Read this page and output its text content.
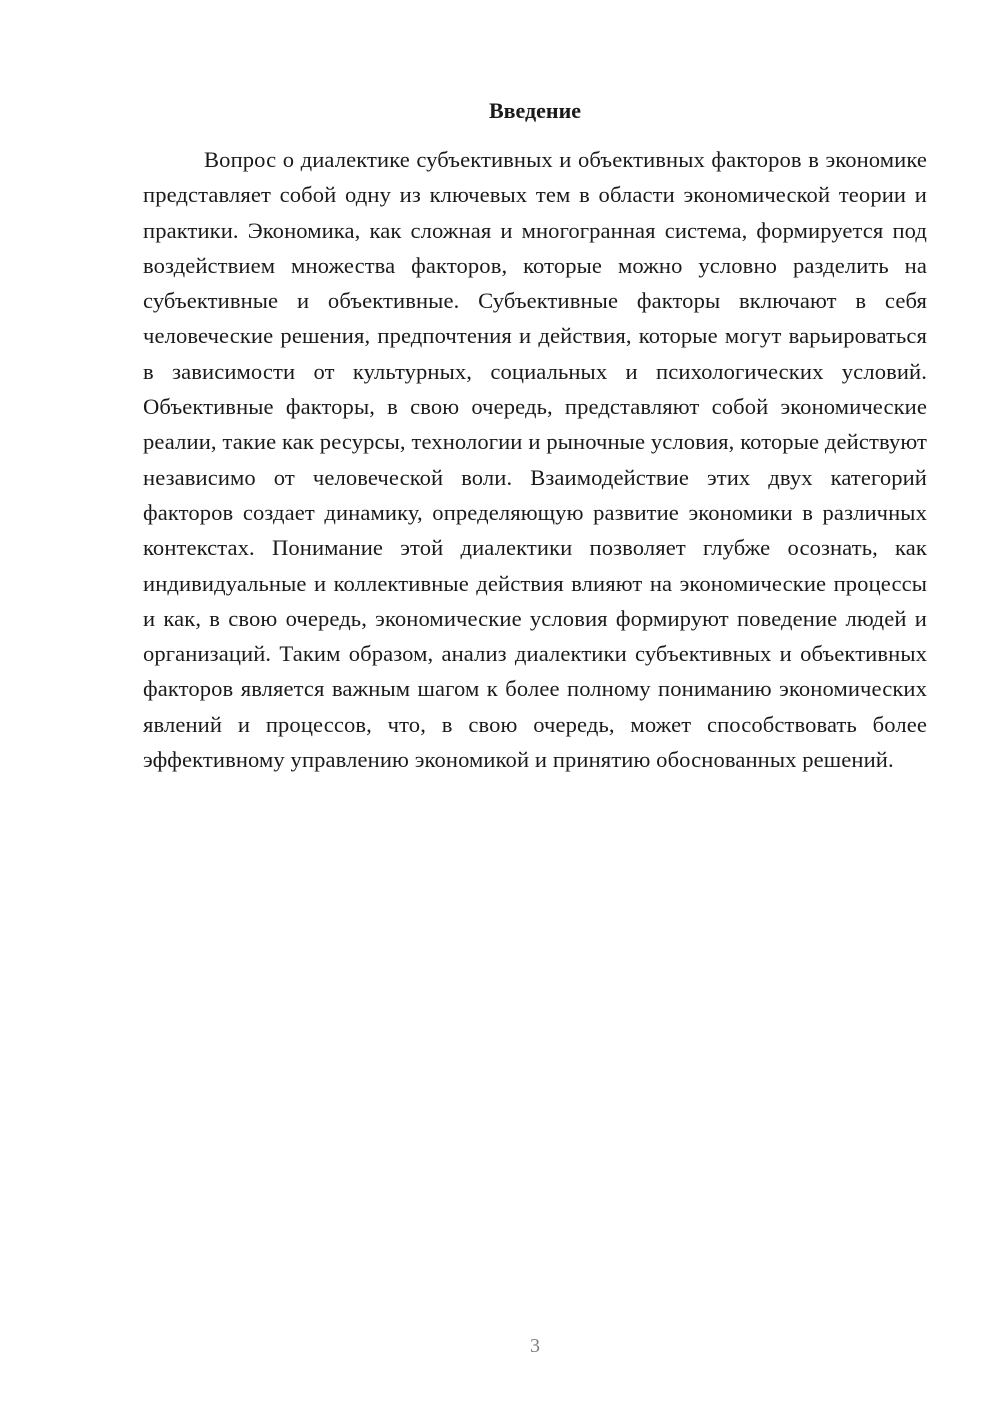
Введение

Вопрос о диалектике субъективных и объективных факторов в экономике представляет собой одну из ключевых тем в области экономической теории и практики. Экономика, как сложная и многогранная система, формируется под воздействием множества факторов, которые можно условно разделить на субъективные и объективные. Субъективные факторы включают в себя человеческие решения, предпочтения и действия, которые могут варьироваться в зависимости от культурных, социальных и психологических условий. Объективные факторы, в свою очередь, представляют собой экономические реалии, такие как ресурсы, технологии и рыночные условия, которые действуют независимо от человеческой воли. Взаимодействие этих двух категорий факторов создает динамику, определяющую развитие экономики в различных контекстах. Понимание этой диалектики позволяет глубже осознать, как индивидуальные и коллективные действия влияют на экономические процессы и как, в свою очередь, экономические условия формируют поведение людей и организаций. Таким образом, анализ диалектики субъективных и объективных факторов является важным шагом к более полному пониманию экономических явлений и процессов, что, в свою очередь, может способствовать более эффективному управлению экономикой и принятию обоснованных решений.

3
